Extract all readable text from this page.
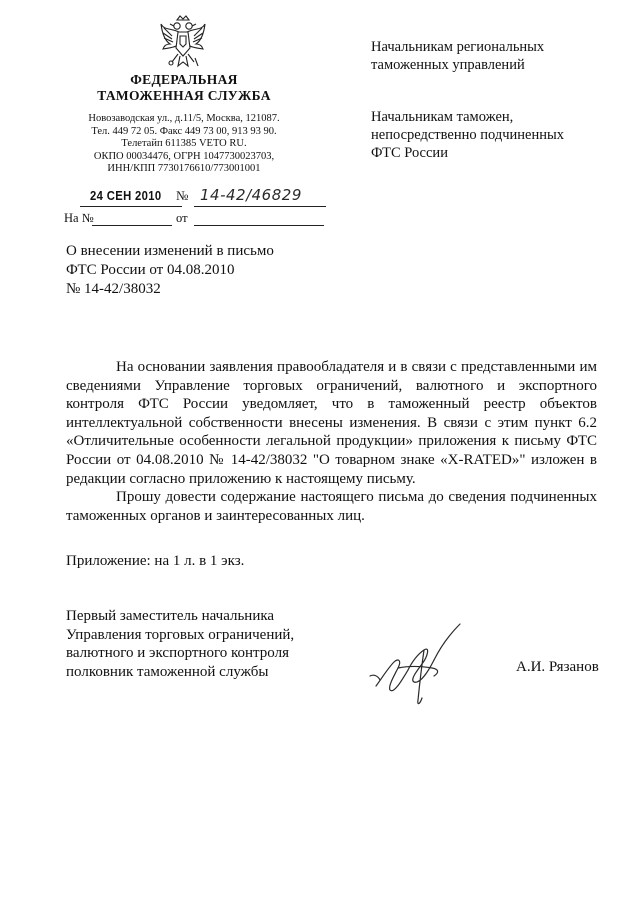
ФЕДЕРАЛЬНАЯ
ТАМОЖЕННАЯ СЛУЖБА
Новозаводская ул., д.11/5, Москва, 121087.
Тел. 449 72 05. Факс 449 73 00, 913 93 90.
Телетайп 611385 VETO RU.
ОКПО 00034476, ОГРН 1047730023703,
ИНН/КПП 7730176610/773001001
Начальникам региональных
таможенных управлений
Начальникам таможен,
непосредственно подчиненных
ФТС России
24 СЕН 2010 № 14-42/46829
На №	от
О внесении изменений в письмо
ФТС России от 04.08.2010
№ 14-42/38032

На основании заявления правообладателя и в связи с представленными им сведениями Управление торговых ограничений, валютного и экспортного контроля ФТС России уведомляет, что в таможенный реестр объектов интеллектуальной собственности внесены изменения. В связи с этим пункт 6.2 «Отличительные особенности легальной продукции» приложения к письму ФТС России от 04.08.2010 № 14-42/38032 "О товарном знаке «X-RATED»" изложен в редакции согласно приложению к настоящему письму.

Прошу довести содержание настоящего письма до сведения подчиненных таможенных органов и заинтересованных лиц.

Приложение: на 1 л. в 1 экз.
Первый заместитель начальника
Управления торговых ограничений,
валютного и экспортного контроля
полковник таможенной службы	А.И. Рязанов
